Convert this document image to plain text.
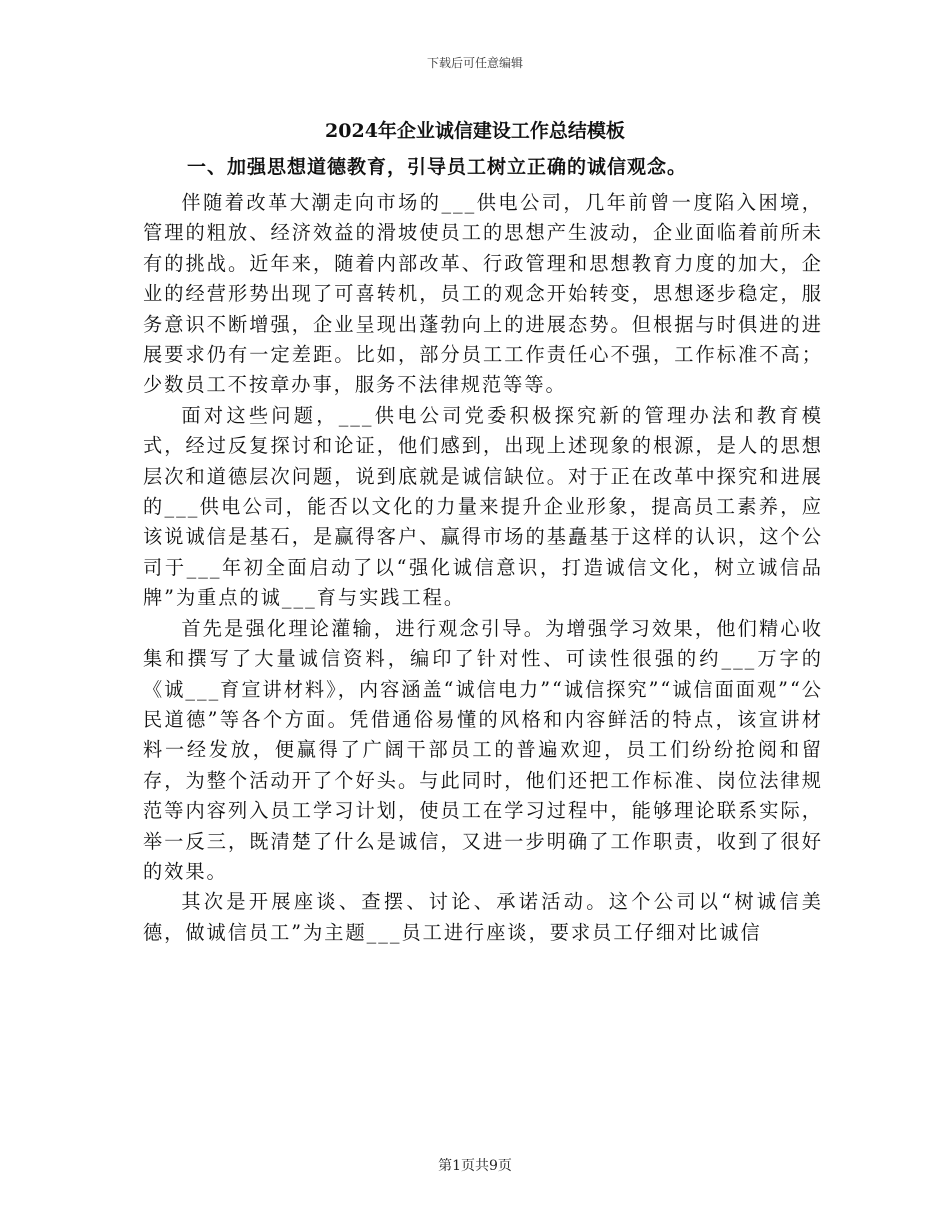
下载后可任意编辑
2024年企业诚信建设工作总结模板
一、加强思想道德教育，引导员工树立正确的诚信观念。

伴随着改革大潮走向市场的___供电公司，几年前曾一度陷入困境，管理的粗放、经济效益的滑坡使员工的思想产生波动，企业面临着前所未有的挑战。近年来，随着内部改革、行政管理和思想教育力度的加大，企业的经营形势出现了可喜转机，员工的观念开始转变，思想逐步稳定，服务意识不断增强，企业呈现出蓬勃向上的进展态势。但根据与时俱进的进展要求仍有一定差距。比如，部分员工工作责任心不强，工作标准不高；少数员工不按章办事，服务不法律规范等等。

面对这些问题，___供电公司党委积极探究新的管理办法和教育模式，经过反复探讨和论证，他们感到，出现上述现象的根源，是人的思想层次和道德层次问题，说到底就是诚信缺位。对于正在改革中探究和进展的___供电公司，能否以文化的力量来提升企业形象，提高员工素养，应该说诚信是基石，是赢得客户、赢得市场的基矗基于这样的认识，这个公司于___年初全面启动了以“强化诚信意识，打造诚信文化，树立诚信品牌”为重点的诚___育与实践工程。

首先是强化理论灌输，进行观念引导。为增强学习效果，他们精心收集和撰写了大量诚信资料，编印了针对性、可读性很强的约___万字的《诚___育宣讲材料》，内容涵盖“诚信电力”“诚信探究”“诚信面面观”“公民道德”等各个方面。凭借通俗易懂的风格和内容鲜活的特点，该宣讲材料一经发放，便赢得了广阔干部员工的普遍欢迎，员工们纷纷抢阅和留存，为整个活动开了个好头。与此同时，他们还把工作标准、岗位法律规范等内容列入员工学习计划，使员工在学习过程中，能够理论联系实际，举一反三，既清楚了什么是诚信，又进一步明确了工作职责，收到了很好的效果。

其次是开展座谈、查摆、讨论、承诺活动。这个公司以“树诚信美德，做诚信员工”为主题___员工进行座谈，要求员工仔细对比诚信

第1页共9页
